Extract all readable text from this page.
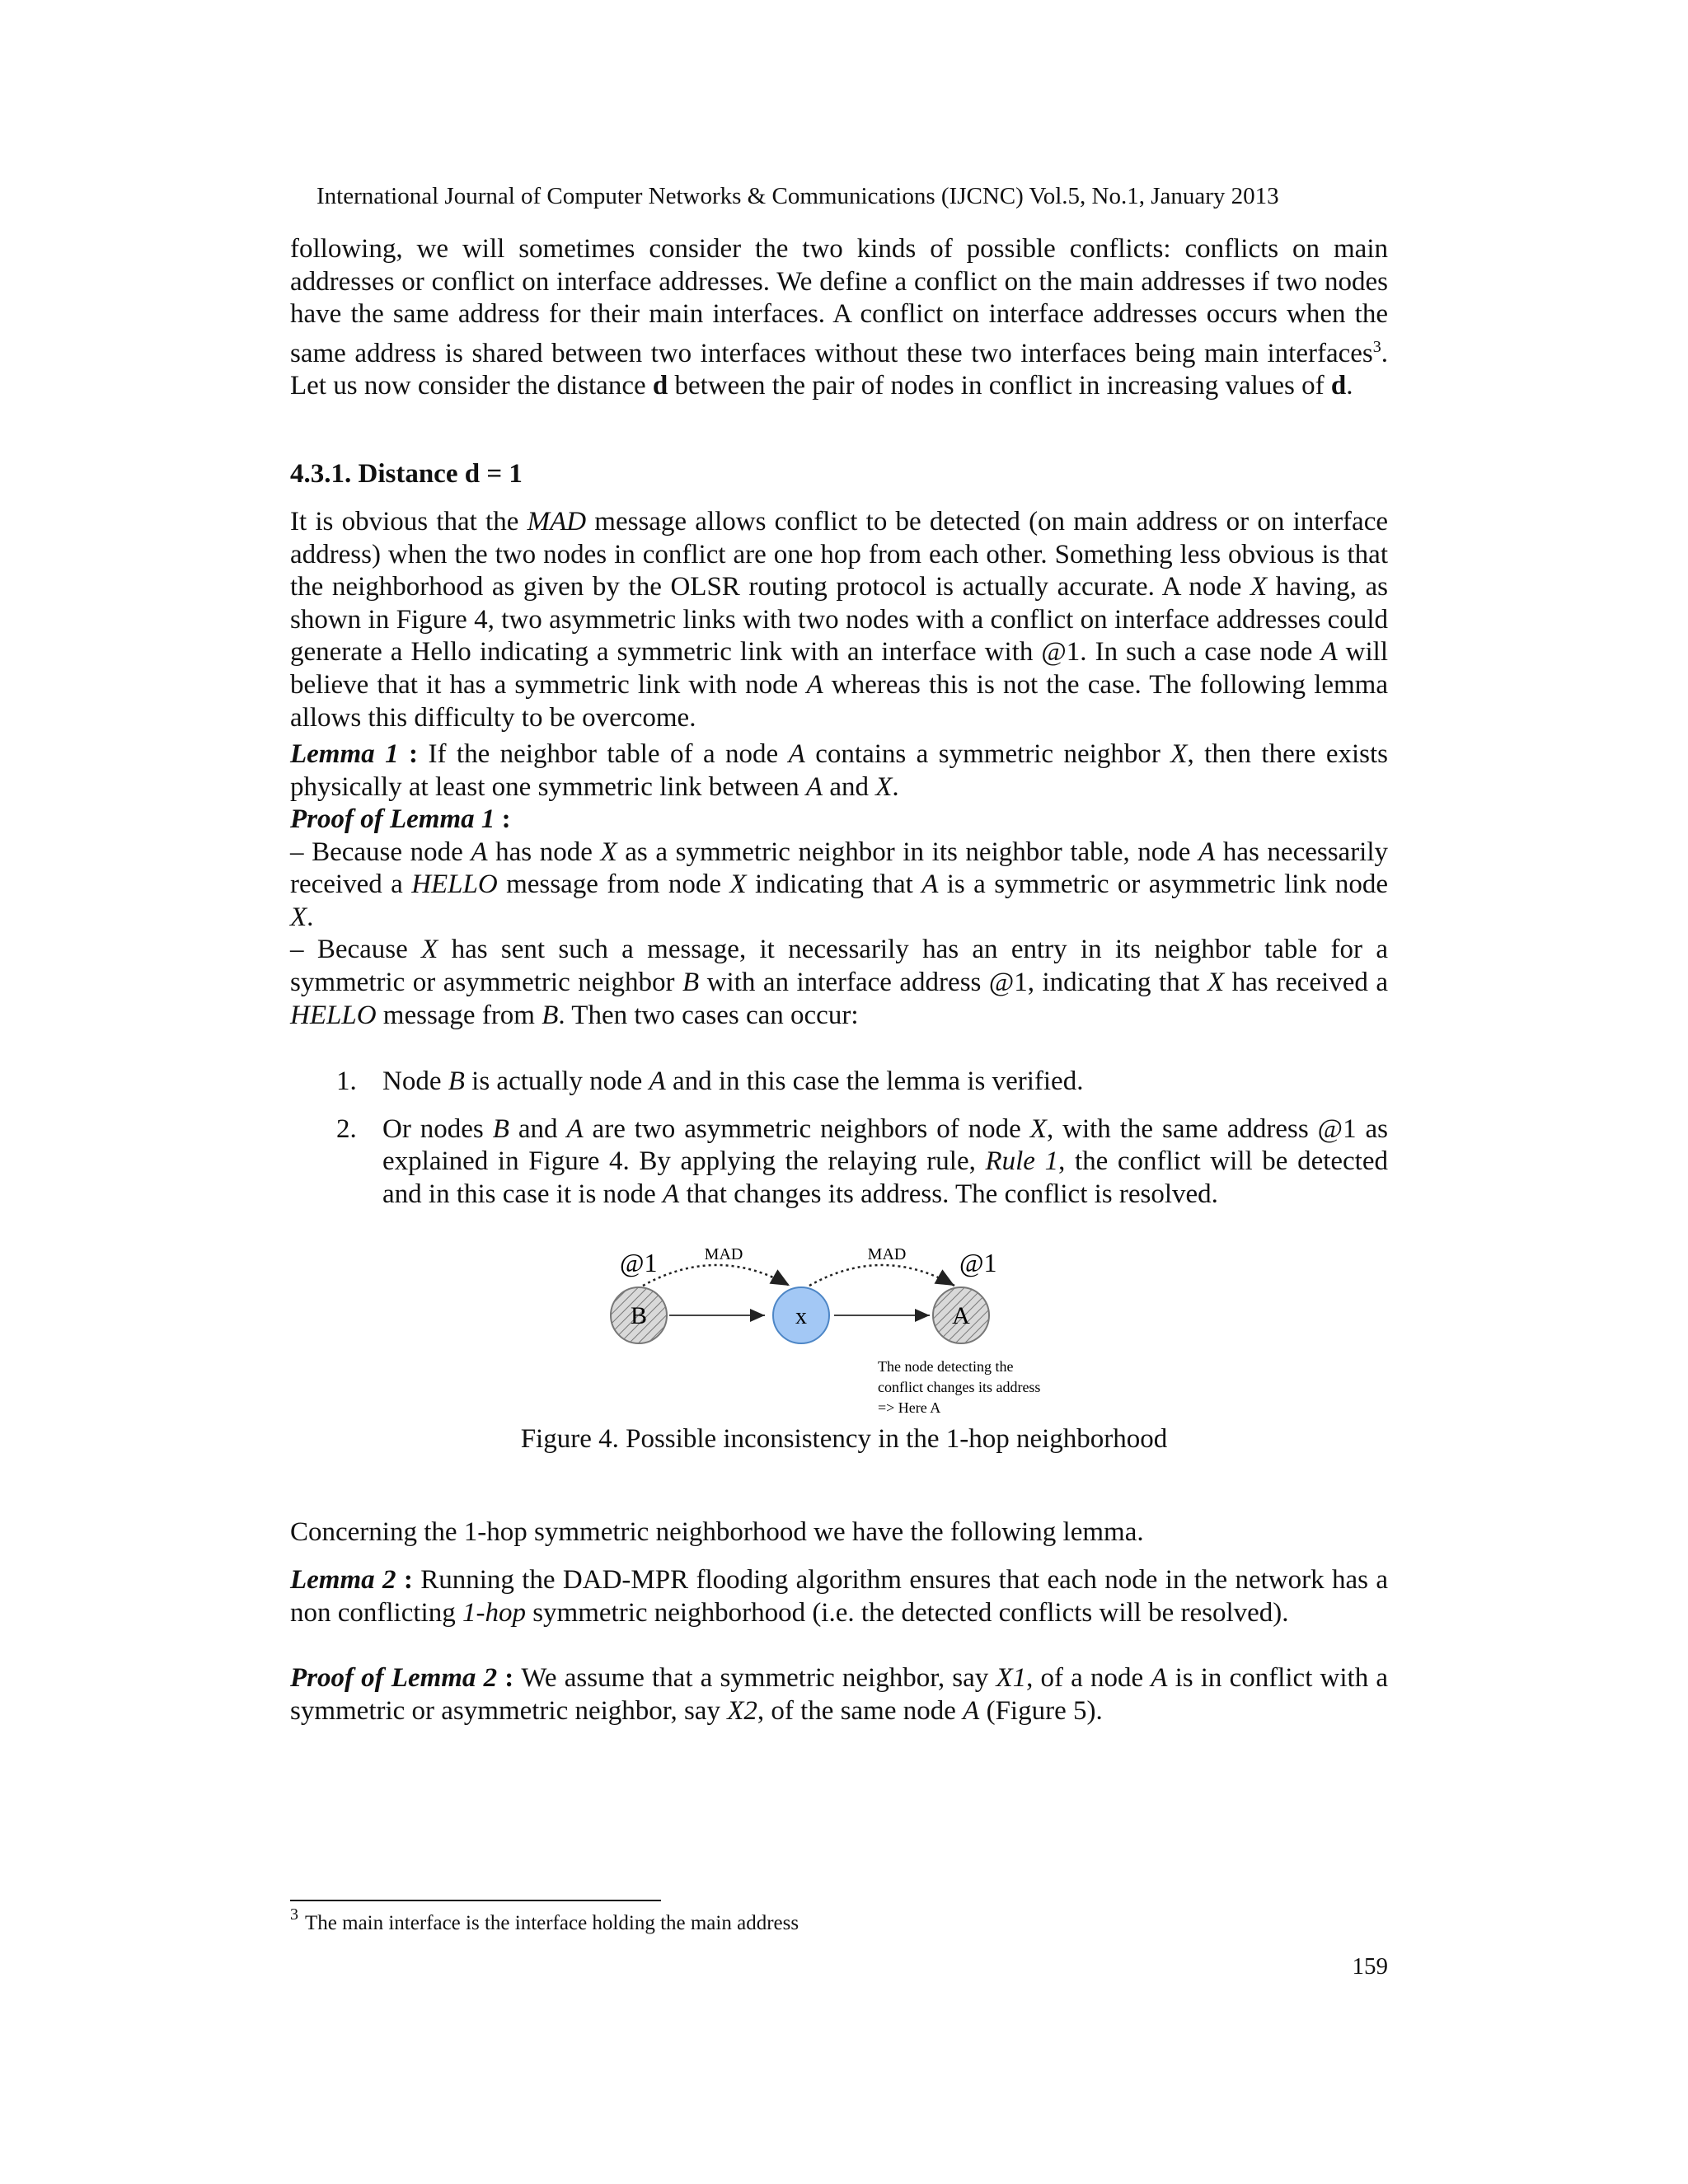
International Journal of Computer Networks & Communications (IJCNC) Vol.5, No.1, January 2013
following, we will sometimes consider the two kinds of possible conflicts: conflicts on main addresses or conflict on interface addresses. We define a conflict on the main addresses if two nodes have the same address for their main interfaces. A conflict on interface addresses occurs when the same address is shared between two interfaces without these two interfaces being main interfaces$^3$. Let us now consider the distance d between the pair of nodes in conflict in increasing values of d.
4.3.1. Distance d = 1
It is obvious that the MAD message allows conflict to be detected (on main address or on interface address) when the two nodes in conflict are one hop from each other. Something less obvious is that the neighborhood as given by the OLSR routing protocol is actually accurate. A node X having, as shown in Figure 4, two asymmetric links with two nodes with a conflict on interface addresses could generate a Hello indicating a symmetric link with an interface with @1. In such a case node A will believe that it has a symmetric link with node A whereas this is not the case. The following lemma allows this difficulty to be overcome.
Lemma 1 : If the neighbor table of a node A contains a symmetric neighbor X, then there exists physically at least one symmetric link between A and X.
Proof of Lemma 1 :
– Because node A has node X as a symmetric neighbor in its neighbor table, node A has necessarily received a HELLO message from node X indicating that A is a symmetric or asymmetric link node X.
– Because X has sent such a message, it necessarily has an entry in its neighbor table for a symmetric or asymmetric neighbor B with an interface address @1, indicating that X has received a HELLO message from B. Then two cases can occur:
1. Node B is actually node A and in this case the lemma is verified.
2. Or nodes B and A are two asymmetric neighbors of node X, with the same address @1 as explained in Figure 4. By applying the relaying rule, Rule 1, the conflict will be detected and in this case it is node A that changes its address. The conflict is resolved.
MAD	MAD
@1	@1
B	x	A
The node detecting the
conflict changes its address
=> Here A
Figure 4. Possible inconsistency in the 1-hop neighborhood
Concerning the 1-hop symmetric neighborhood we have the following lemma.
Lemma 2 : Running the DAD-MPR flooding algorithm ensures that each node in the network has a non conflicting 1-hop symmetric neighborhood (i.e. the detected conflicts will be resolved).
Proof of Lemma 2 : We assume that a symmetric neighbor, say X1, of a node A is in conflict with a symmetric or asymmetric neighbor, say X2, of the same node A (Figure 5).
$^3$ The main interface is the interface holding the main address
159
